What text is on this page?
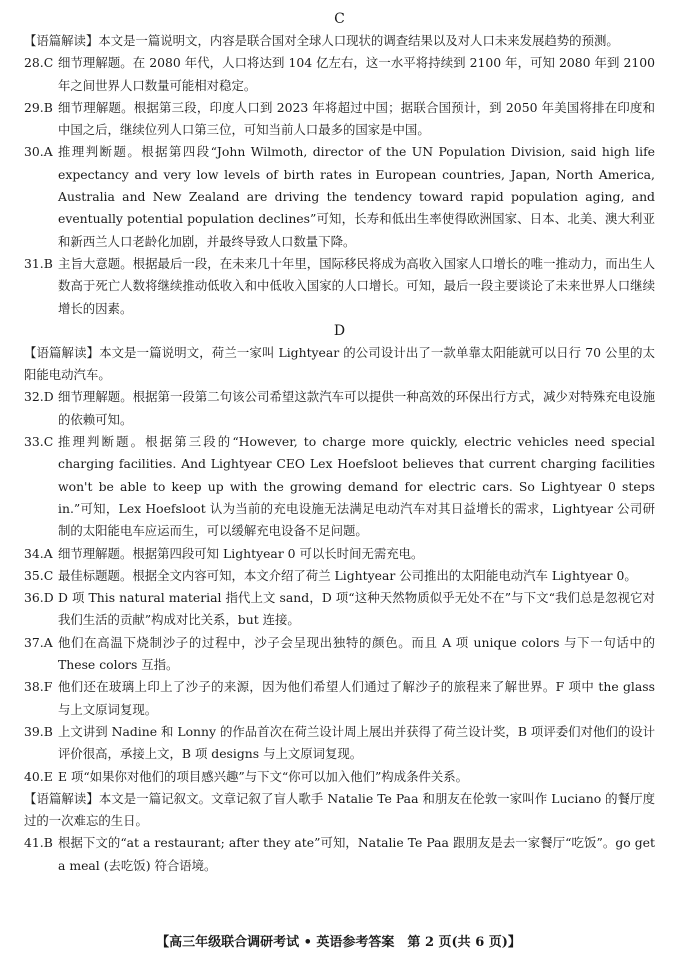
C
【语篇解读】本文是一篇说明文，内容是联合国对全球人口现状的调查结果以及对人口未来发展趋势的预测。
28.C 细节理解题。在 2080 年代，人口将达到 104 亿左右，这一水平将持续到 2100 年，可知 2080 年到 2100 年之间世界人口数量可能相对稳定。
29.B 细节理解题。根据第三段，印度人口到 2023 年将超过中国；据联合国预计，到 2050 年美国将排在印度和中国之后，继续位列人口第三位，可知当前人口最多的国家是中国。
30.A 推理判断题。根据第四段“John Wilmoth, director of the UN Population Division, said high life expectancy and very low levels of birth rates in European countries, Japan, North America, Australia and New Zealand are driving the tendency toward rapid population aging, and eventually potential population declines”可知，长寿和低出生率使得欧洲国家、日本、北美、澳大利亚和新西兰人口老龄化加剧，并最终导致人口数量下降。
31.B 主旨大意题。根据最后一段，在未来几十年里，国际移民将成为高收入国家人口增长的唯一推动力，而出生人数高于死亡人数将继续推动低收入和中低收入国家的人口增长。可知，最后一段主要谈论了未来世界人口继续增长的因素。
D
【语篇解读】本文是一篇说明文，荷兰一家叫 Lightyear 的公司设计出了一款单靠太阳能就可以日行 70 公里的太阳能电动汽车。
32.D 细节理解题。根据第一段第二句该公司希望这款汽车可以提供一种高效的环保出行方式，减少对特殊充电设施的依赖可知。
33.C 推理判断题。根据第三段的“However, to charge more quickly, electric vehicles need special charging facilities. And Lightyear CEO Lex Hoefsloot believes that current charging facilities won't be able to keep up with the growing demand for electric cars. So Lightyear 0 steps in.”可知，Lex Hoefsloot 认为当前的充电设施无法满足电动汽车对其日益增长的需求，Lightyear 公司研制的太阳能电车应运而生，可以缓解充电设备不足问题。
34.A 细节理解题。根据第四段可知 Lightyear 0 可以长时间无需充电。
35.C 最佳标题题。根据全文内容可知，本文介绍了荷兰 Lightyear 公司推出的太阳能电动汽车 Lightyear 0。
36.D D 项 This natural material 指代上文 sand，D 项“这种天然物质似乎无处不在”与下文“我们总是忽视它对我们生活的贡献”构成对比关系，but 连接。
37.A 他们在高温下烧制沙子的过程中，沙子会呈现出独特的颜色。而且 A 项 unique colors 与下一句话中的 These colors 互指。
38.F 他们还在玻璃上印上了沙子的来源，因为他们希望人们通过了解沙子的旅程来了解世界。F 项中 the glass 与上文原词复现。
39.B 上文讲到 Nadine 和 Lonny 的作品首次在荷兰设计周上展出并获得了荷兰设计奖，B 项评委们对他们的设计评价很高，承接上文，B 项 designs 与上文原词复现。
40.E E 项“如果你对他们的项目感兴趣”与下文“你可以加入他们”构成条件关系。
【语篇解读】本文是一篇记叙文。文章记叙了盲人歌手 Natalie Te Paa 和朋友在伦敦一家叫作 Luciano 的餐厅度过的一次难忘的生日。
41.B 根据下文的“at a restaurant; after they ate”可知，Natalie Te Paa 跟朋友是去一家餐厅“吃饭”。go get a meal (去吃饭) 符合语境。
【高三年级联合调研考试 • 英语参考答案　第 2 页(共 6 页)】
